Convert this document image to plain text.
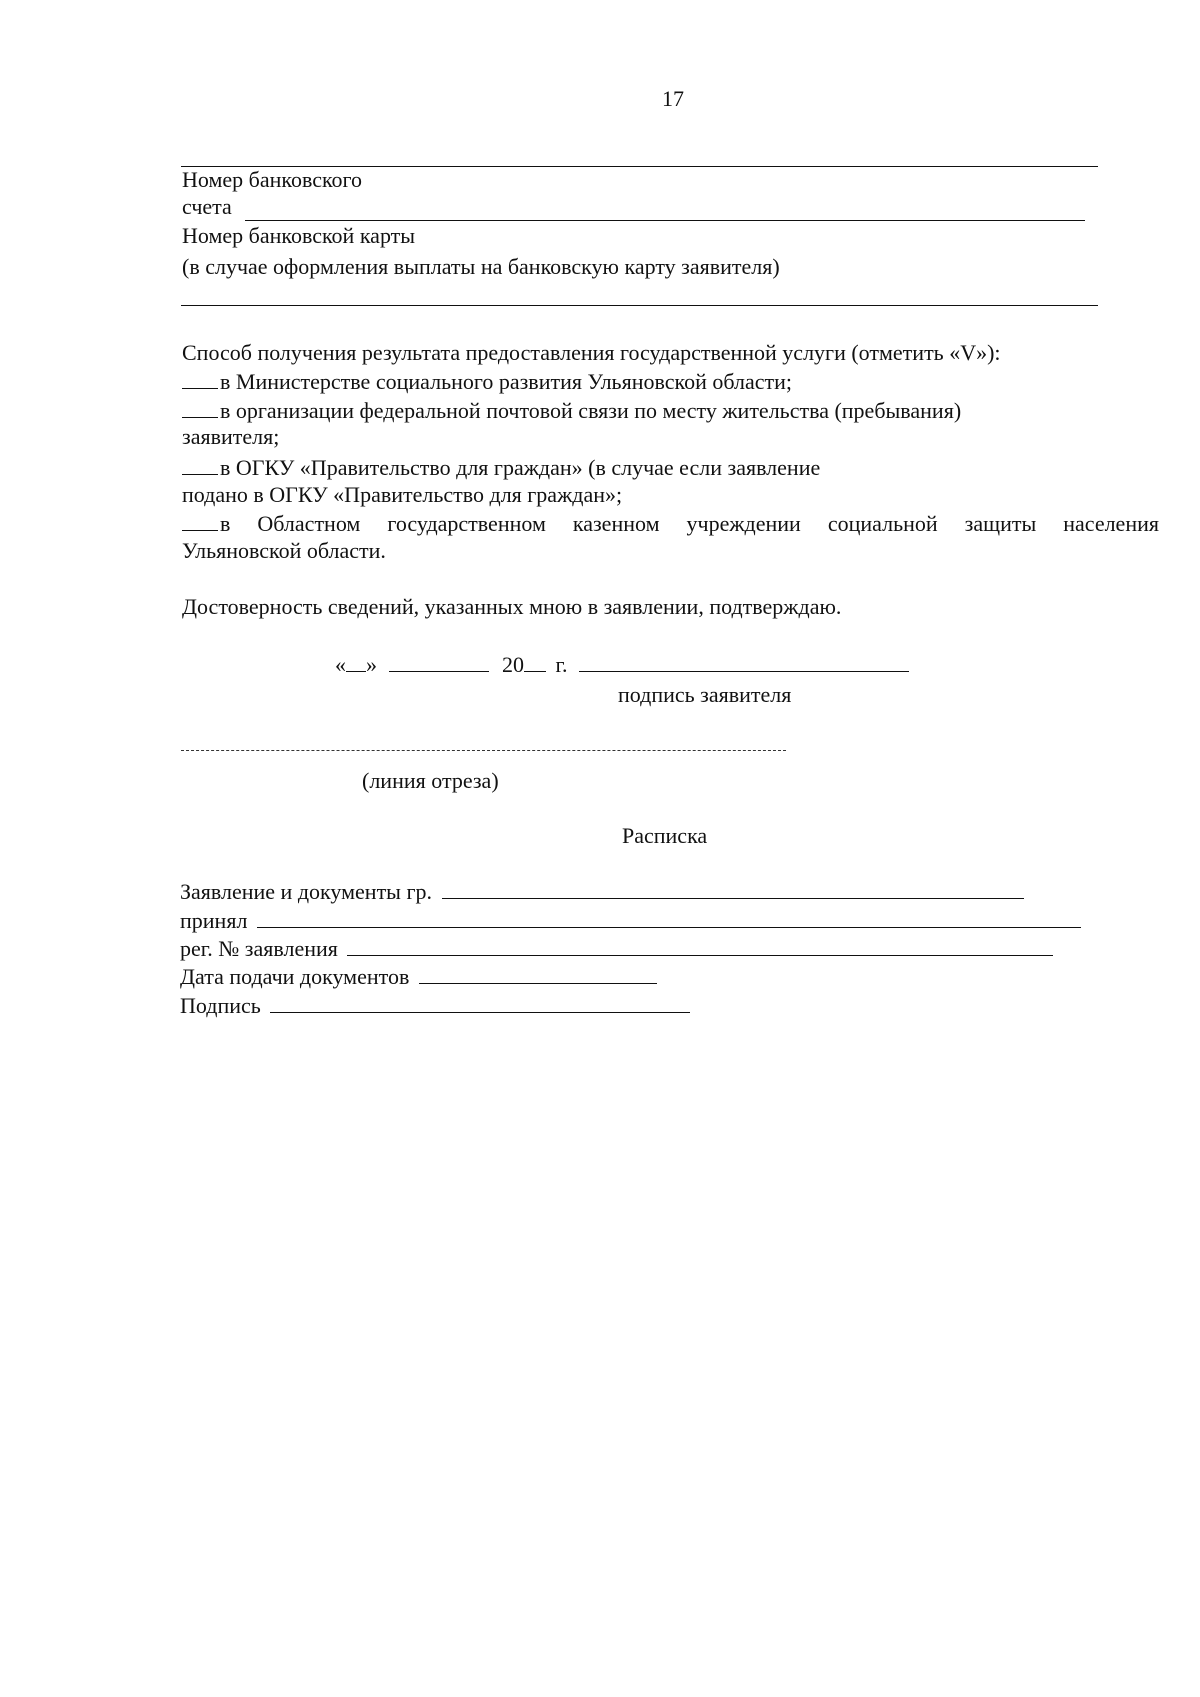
17
Номер банковского
счета
Номер банковской карты
(в случае оформления выплаты на банковскую карту заявителя)
Способ получения результата предоставления государственной услуги (отметить «V»):
в Министерстве социального развития Ульяновской области;
в организации федеральной почтовой связи по месту жительства (пребывания)
заявителя;
в ОГКУ «Правительство для граждан» (в случае если заявление
подано в ОГКУ «Правительство для граждан»;
в Областном государственном казенном учреждении социальной защиты населения
Ульяновской области.
Достоверность сведений, указанных мною в заявлении, подтверждаю.
« »	20 г.
подпись заявителя
(линия отреза)
Расписка
Заявление и документы гр.
принял
рег. № заявления
Дата подачи документов
Подпись
